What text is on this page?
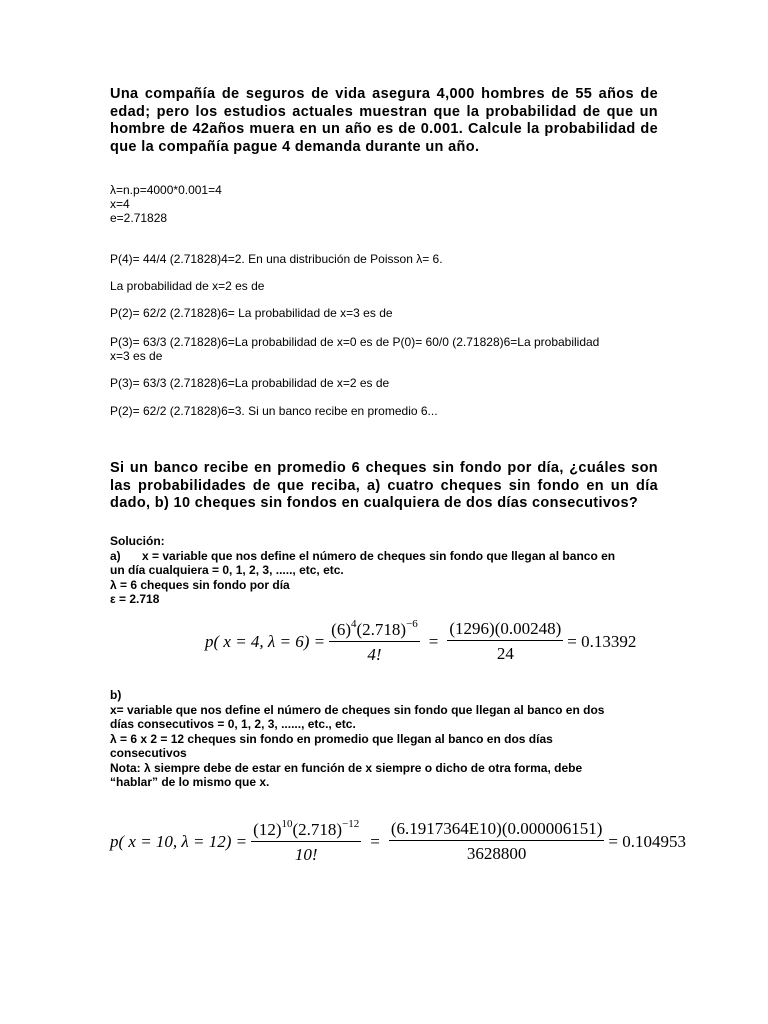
Una compañía de seguros de vida asegura 4,000 hombres de 55 años de edad; pero los estudios actuales muestran que la probabilidad de que un hombre de 42años muera en un año es de 0.001. Calcule la probabilidad de que la compañía pague 4 demanda durante un año.
λ=n.p=4000*0.001=4
x=4
e=2.71828
P(4)= 44/4 (2.71828)4=2. En una distribución de Poisson λ= 6.
La probabilidad de x=2 es de
P(2)= 62/2 (2.71828)6= La probabilidad de x=3 es de
P(3)= 63/3 (2.71828)6=La probabilidad de x=0 es de P(0)= 60/0 (2.71828)6=La probabilidad
x=3 es de
P(3)= 63/3 (2.71828)6=La probabilidad de x=2 es de
P(2)= 62/2 (2.71828)6=3. Si un banco recibe en promedio 6...
Si un banco recibe en promedio 6 cheques sin fondo por día, ¿cuáles son las probabilidades de que reciba, a) cuatro cheques sin fondo en un día dado, b) 10 cheques sin fondos en cualquiera de dos días consecutivos?
Solución:
a) x = variable que nos define el número de cheques sin fondo que llegan al banco en
un día cualquiera = 0, 1, 2, 3, ....., etc, etc.
λ = 6 cheques sin fondo por día
ε = 2.718
p( x = 4, $\lambda = 6) = \frac{(6)^4(2.718)^{-6}}{4!} = \frac{(1296)(0.00248)}{24} = 0.13392$
b)
x= variable que nos define el número de cheques sin fondo que llegan al banco en dos
días consecutivos = 0, 1, 2, 3, ......, etc., etc.
λ = 6 x 2 = 12 cheques sin fondo en promedio que llegan al banco en dos días
consecutivos
Nota: λ siempre debe de estar en función de x siempre o dicho de otra forma, debe
“hablar” de lo mismo que x.
p( x = 10, $\lambda = 12) = \frac{(12)^{10}(2.718)^{-12}}{10!} = \frac{(6.1917364E10)(0.000006151)}{3628800} = 0.104953$
